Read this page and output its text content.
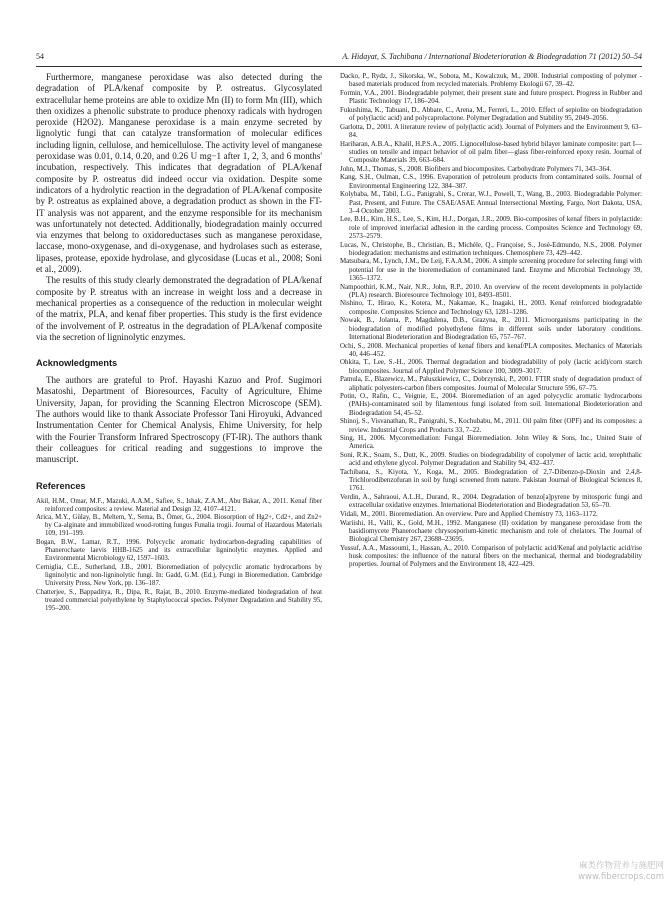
54	A. Hidayat, S. Tachibana / International Biodeterioration & Biodegradation 71 (2012) 50–54

Furthermore, manganese peroxidase was also detected during the degradation of PLA/kenaf composite by P. ostreatus. Glycosylated extracellular heme proteins are able to oxidize Mn (II) to form Mn (III), which then oxidizes a phenolic substrate to produce phenoxy radicals with hydrogen peroxide (H2O2). Manganese peroxidase is a main enzyme secreted by lignolytic fungi that can catalyze transformation of molecular edifices including lignin, cellulose, and hemicellulose. The activity level of manganese peroxidase was 0.01, 0.14, 0.20, and 0.26 U mg−1 after 1, 2, 3, and 6 months' incubation, respectively. This indicates that degradation of PLA/kenaf composite by P. ostreatus did indeed occur via oxidation. Despite some indicators of a hydrolytic reaction in the degradation of PLA/kenaf composite by P. ostreatus as explained above, a degradation product as shown in the FT-IT analysis was not apparent, and the enzyme responsible for its mechanism was unfortunately not detected. Additionally, biodegradation mainly occurred via enzymes that belong to oxidoreductases such as manganese peroxidase, laccase, mono-oxygenase, and di-oxygenase, and hydrolases such as esterase, lipases, protease, epoxide hydrolase, and glycosidase (Lucas et al., 2008; Soni et al., 2009).

The results of this study clearly demonstrated the degradation of PLA/kenaf composite by P. streatus with an increase in weight loss and a decrease in mechanical properties as a consequence of the reduction in molecular weight of the matrix, PLA, and kenaf fiber properties. This study is the first evidence of the involvement of P. ostreatus in the degradation of PLA/kenaf composite via the secretion of ligninolytic enzymes.

Acknowledgments

The authors are grateful to Prof. Hayashi Kazuo and Prof. Sugimori Masatoshi, Department of Bioresources, Faculty of Agriculture, Ehime University, Japan, for providing the Scanning Electron Microscope (SEM). The authors would like to thank Associate Professor Tani Hiroyuki, Advanced Instrumentation Center for Chemical Analysis, Ehime University, for help with the Fourier Transform Infrared Spectroscopy (FT-IR). The authors thank their colleagues for critical reading and suggestions to improve the manuscript.

References

Akil, H.M., Omar, M.F., Mazuki, A.A.M., Safiee, S., Ishak, Z.A.M., Abu Bakar, A., 2011. Kenaf fiber reinforced composites: a review. Material and Design 32, 4107–4121.

Arica, M.Y., Gülay, B., Meltem, Y., Sema, B., Ömer, G., 2004. Biosorption of Hg2+, Cd2+, and Zn2+ by Ca-alginate and immobilized wood-rotting fungus Funalia trogii. Journal of Hazardous Materials 109, 191–199.

Bogan, B.W., Lamar, R.T., 1996. Polycyclic aromatic hydrocarbon-degrading capabilities of Phanerochaete laevis HHB-1625 and its extracellular ligninolytic enzymes. Applied and Environmental Microbiology 62, 1597–1603.

Cerniglia, C.E., Sutherland, J.B., 2001. Bioremediation of polycyclic aromatic hydrocarbons by ligninolytic and non-ligninolytic fungi. In: Gadd, G.M. (Ed.), Fungi in Bioremediation. Cambridge University Press, New York, pp. 136–187.

Chatterjee, S., Bappaditya, R., Dipa, R., Rajat, B., 2010. Enzyme-mediated biodegradation of heat treated commercial polyethylene by Staphylococcal species. Polymer Degradation and Stability 95, 195–200.

Dacko, P., Rydz, J., Sikorska, W., Sobota, M., Kowalczuk, M., 2008. Industrial composting of polymer - based materials produced from recycled materials. Problemy Ekologii 67, 39–42.

Formin, V.A., 2001. Biodegradable polymer, their present state and future prospect. Progress in Rubber and Plastic Technology 17, 186–204.

Fukushima, K., Tabuani, D., Abbate, C., Arena, M., Ferreri, L., 2010. Effect of sepiolite on biodegradation of poly(lactic acid) and polycaprolactone. Polymer Degradation and Stability 95, 2049–2056.

Garlotta, D., 2001. A literature review of poly(lactic acid). Journal of Polymers and the Environment 9, 63–84.

Hariharan, A.B.A., Khalil, H.P.S.A., 2005. Lignocellulose-based hybrid bilayer laminate composite: part I—studies on tensile and impact behavior of oil palm fiber—glass fiber-reinforced epoxy resin. Journal of Composite Materials 39, 663–684.

John, M.J., Thomas, S., 2008. Biofibers and biocomposites. Carbohydrate Polymers 71, 343–364.

Kang, S.H., Oulman, C.S., 1996. Evaporation of petroleum products from contaminated soils. Journal of Environmental Engineering 122, 384–387.

Kolybaba, M., Tabil, L.G., Panigrahi, S., Crerar, W.J., Powell, T., Wang, B., 2003. Biodegradable Polymer: Past, Present, and Future. The CSAE/ASAE Annual Intersectional Meeting, Fargo, Nort Dakota, USA, 3–4 October 2003.

Lee, B.H., Kim, H.S., Lee, S., Kim, H.J., Dorgan, J.R., 2009. Bio-composites of kenaf fibers in polylactide: role of improved interfacial adhesion in the carding process. Composites Science and Technology 69, 2573–2579.

Lucas, N., Christophe, B., Christian, B., Michèle, Q., Françoise, S., José-Edmundo, N.S., 2008. Polymer biodegradation: mechanisms and estimation techniques. Chemosphere 73, 429–442.

Matsubara, M., Lynch, J.M., De Leij, F.A.A.M., 2006. A simple screening procedure for selecting fungi with potential for use in the bioremediation of contaminated land. Enzyme and Microbial Technology 39, 1365–1372.

Nampoothiri, K.M., Nair, N.R., John, R.P., 2010. An overview of the recent developments in polylactide (PLA) research. Bioresource Technology 101, 8493–8501.

Nishino, T., Hirao, K., Kotera, M., Nakamae, K., Inagaki, H., 2003. Kenaf reinforced biodegradable composite. Composites Science and Technology 63, 1281–1286.

Nowak, B., Jolanta, P., Magdalena, D.B., Grazyna, R., 2011. Microorganisms participating in the biodegradation of modified polyethylene films in different soils under laboratory conditions. International Biodeterioration and Biodegradation 65, 757–767.

Ochi, S., 2008. Mechanical properties of kenaf fibers and kenaf/PLA composites. Mechanics of Materials 40, 446–452.

Ohkita, T., Lee, S.-H., 2006. Thermal degradation and biodegradability of poly (lactic acid)/corn starch biocomposites. Journal of Applied Polymer Science 100, 3009–3017.

Pamula, E., Blazewicz, M., Paluszkiewicz, C., Dobrzynski, P., 2001. FTIR study of degradation product of aliphatic polyesters-carbon fibers composites. Journal of Molecular Structure 596, 67–75.

Potin, O., Rafin, C., Veignie, E., 2004. Bioremediation of an aged polycyclic aromatic hydrocarbons (PAHs)-contaminated soil by filamentous fungi isolated from soil. International Biodeterioration and Biodegradation 54, 45–52.

Shinoj, S., Visvanathan, R., Panigrahi, S., Kochubabu, M., 2011. Oil palm fiber (OPF) and its composites: a review. Industrial Crops and Products 33, 7–22.

Sing, H., 2006. Mycoremediation: Fungal Bioremediation. John Wiley & Sons, Inc., United State of America.

Soni, R.K., Soam, S., Dutt, K., 2009. Studies on biodegradability of copolymer of lactic acid, terephthalic acid and ethylene glycol. Polymer Degradation and Stability 94, 432–437.

Tachibana, S., Kiyota, Y., Koga, M., 2005. Biodegradation of 2,7-Dibenzo-p-Dioxin and 2,4,8-Trichlorodibenzofuran in soil by fungi screened from nature. Pakistan Journal of Biological Sciences 8, 1761.

Verdin, A., Sahraoui, A.L.H., Durand, R., 2004. Degradation of benzo[a]pyrene by mitosporic fungi and extracellular oxidative enzymes. International Biodeterioration and Biodegradation 53, 65–70.

Vidali, M., 2001. Bioremediation. An overview. Pure and Applied Chemistry 73, 1163–1172.

Wariishi, H., Valli, K., Gold, M.H., 1992. Manganese (II) oxidation by manganese peroxidase from the basidiomycete Phanerochaete chrysosporium-kinetic mechanism and role of chelators. The Journal of Biological Chemistry 267, 23688–23695.

Yussuf, A.A., Massoumi, I., Hassan, A., 2010. Comparison of polylactic acid/Kenaf and polylactic acid/rise husk composites: the influence of the natural fibers on the mechanical, thermal and biodegradability properties. Journal of Polymers and the Environment 18, 422–429.

麻类作物营养与施肥网
www.fibercrops.com
